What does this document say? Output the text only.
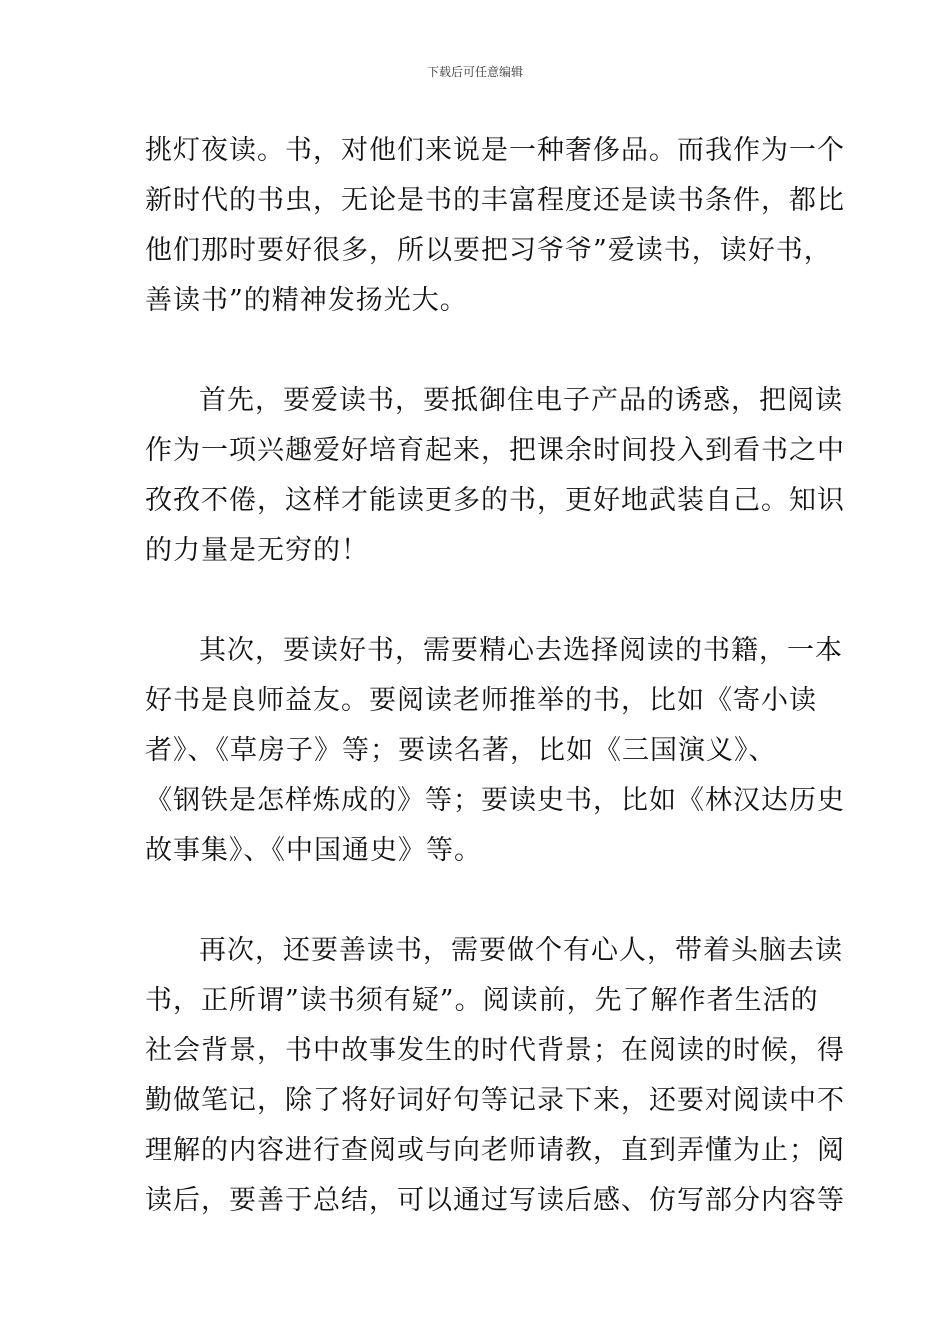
下载后可任意编辑
挑灯夜读。书，对他们来说是一种奢侈品。而我作为一个
新时代的书虫，无论是书的丰富程度还是读书条件，都比
他们那时要好很多，所以要把习爷爷”爱读书，读好书，
善读书”的精神发扬光大。
首先，要爱读书，要抵御住电子产品的诱惑，把阅读
作为一项兴趣爱好培育起来，把课余时间投入到看书之中
孜孜不倦，这样才能读更多的书，更好地武装自己。知识
的力量是无穷的！
其次，要读好书，需要精心去选择阅读的书籍，一本
好书是良师益友。要阅读老师推举的书，比如《寄小读
者》、《草房子》等；要读名著，比如《三国演义》、
《钢铁是怎样炼成的》等；要读史书，比如《林汉达历史
故事集》、《中国通史》等。
再次，还要善读书，需要做个有心人，带着头脑去读
书，正所谓”读书须有疑”。阅读前，先了解作者生活的
社会背景，书中故事发生的时代背景；在阅读的时候，得
勤做笔记，除了将好词好句等记录下来，还要对阅读中不
理解的内容进行查阅或与向老师请教，直到弄懂为止；阅
读后，要善于总结，可以通过写读后感、仿写部分内容等
